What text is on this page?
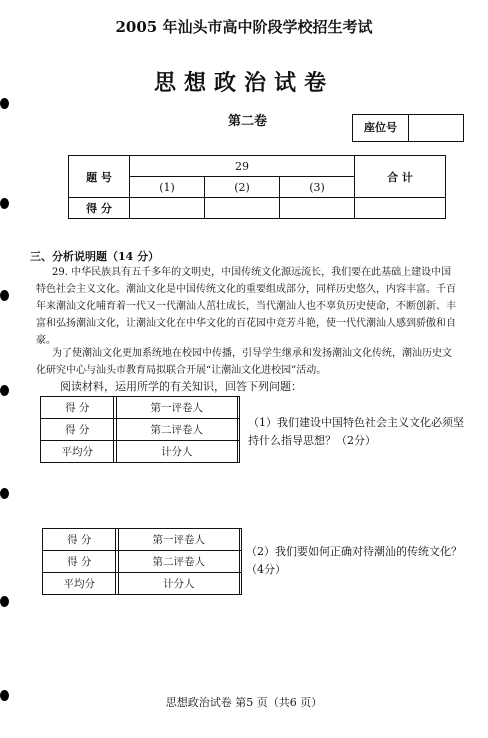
2005 年汕头市高中阶段学校招生考试
思想政治试卷
第二卷	座位号
题 号	29			合 计
	(1)	(2)	(3)	
得 分				
三、分析说明题（14 分）
29. 中华民族具有五千多年的文明史，中国传统文化源远流长，我们要在此基础上建设中国特色社会主义文化。潮汕文化是中国传统文化的重要组成部分，同样历史悠久，内容丰富。千百年来潮汕文化哺育着一代又一代潮汕人茁壮成长，当代潮汕人也不辜负历史使命，不断创新、丰富和弘扬潮汕文化，让潮汕文化在中华文化的百花园中竞芳斗艳，使一代代潮汕人感到骄傲和自豪。
为了使潮汕文化更加系统地在校园中传播，引导学生继承和发扬潮汕文化传统，潮汕历史文化研究中心与汕头市教育局拟联合开展“让潮汕文化进校园”活动。
阅读材料，运用所学的有关知识，回答下列问题：
得 分		第一评卷人	
得 分		第二评卷人	
平均分		计分人	
（1）我们建设中国特色社会主义文化必须坚持什么指导思想？（2分）
得 分		第一评卷人	
得 分		第二评卷人	
平均分		计分人	
（2）我们要如何正确对待潮汕的传统文化？（4分）
思想政治试卷 第5 页（共6 页）
